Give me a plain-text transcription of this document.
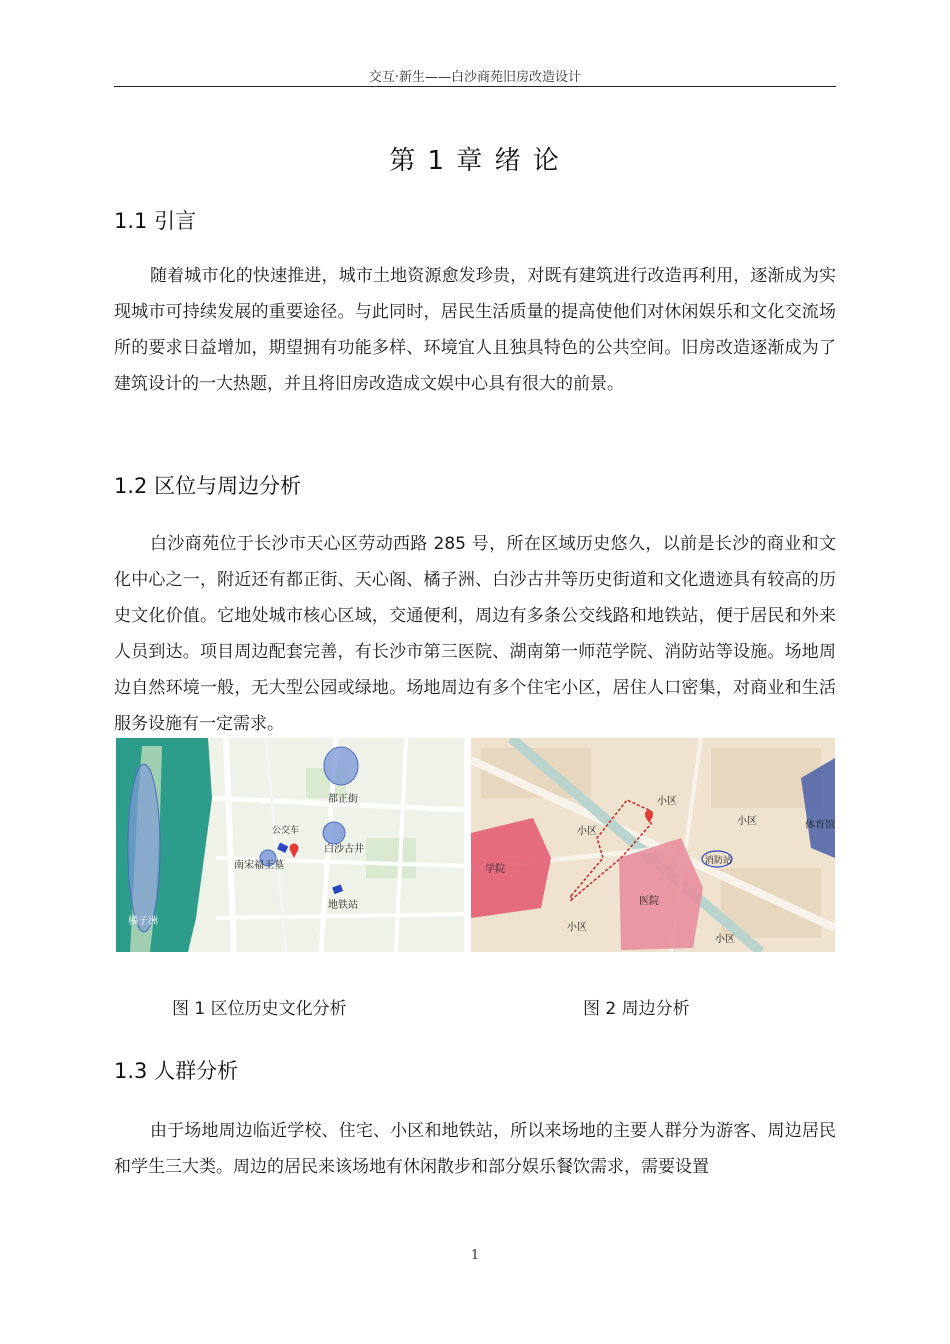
交互·新生——白沙商苑旧房改造设计
第 1 章 绪 论
1.1 引言

随着城市化的快速推进，城市土地资源愈发珍贵，对既有建筑进行改造再利用，逐渐成为实现城市可持续发展的重要途径。与此同时，居民生活质量的提高使他们对休闲娱乐和文化交流场所的要求日益增加，期望拥有功能多样、环境宜人且独具特色的公共空间。旧房改造逐渐成为了建筑设计的一大热题，并且将旧房改造成文娱中心具有很大的前景。

1.2 区位与周边分析

白沙商苑位于长沙市天心区劳动西路 285 号，所在区域历史悠久，以前是长沙的商业和文化中心之一，附近还有都正街、天心阁、橘子洲、白沙古井等历史街道和文化遗迹具有较高的历史文化价值。它地处城市核心区域，交通便利，周边有多条公交线路和地铁站，便于居民和外来人员到达。项目周边配套完善，有长沙市第三医院、湖南第一师范学院、消防站等设施。场地周边自然环境一般，无大型公园或绿地。场地周边有多个住宅小区，居住人口密集，对商业和生活服务设施有一定需求。

都正街
公交车
白沙古井
南宋福王墓
地铁站
橘子洲
小区
小区
小区	体育馆
学院
消防站
医院
小区
小区
图 1 区位历史文化分析	图 2 周边分析
1.3 人群分析

由于场地周边临近学校、住宅、小区和地铁站，所以来场地的主要人群分为游客、周边居民和学生三大类。周边的居民来该场地有休闲散步和部分娱乐餐饮需求，需要设置

1
